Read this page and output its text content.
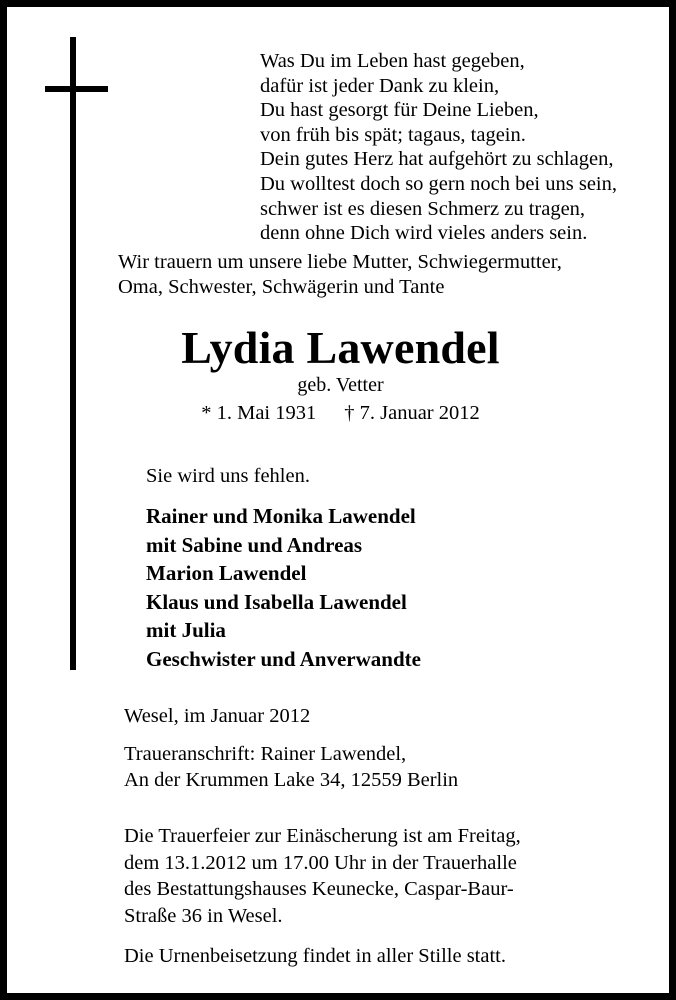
Was Du im Leben hast gegeben,
dafür ist jeder Dank zu klein,
Du hast gesorgt für Deine Lieben,
von früh bis spät; tagaus, tagein.
Dein gutes Herz hat aufgehört zu schlagen,
Du wolltest doch so gern noch bei uns sein,
schwer ist es diesen Schmerz zu tragen,
denn ohne Dich wird vieles anders sein.
Wir trauern um unsere liebe Mutter, Schwiegermutter,
Oma, Schwester, Schwägerin und Tante
Lydia Lawendel
geb. Vetter
* 1. Mai 1931 † 7. Januar 2012
Sie wird uns fehlen.
Rainer und Monika Lawendel
mit Sabine und Andreas
Marion Lawendel
Klaus und Isabella Lawendel
mit Julia
Geschwister und Anverwandte
Wesel, im Januar 2012
Traueranschrift: Rainer Lawendel,
An der Krummen Lake 34, 12559 Berlin
Die Trauerfeier zur Einäscherung ist am Freitag,
dem 13.1.2012 um 17.00 Uhr in der Trauerhalle
des Bestattungshauses Keunecke, Caspar-Baur-
Straße 36 in Wesel.
Die Urnenbeisetzung findet in aller Stille statt.
